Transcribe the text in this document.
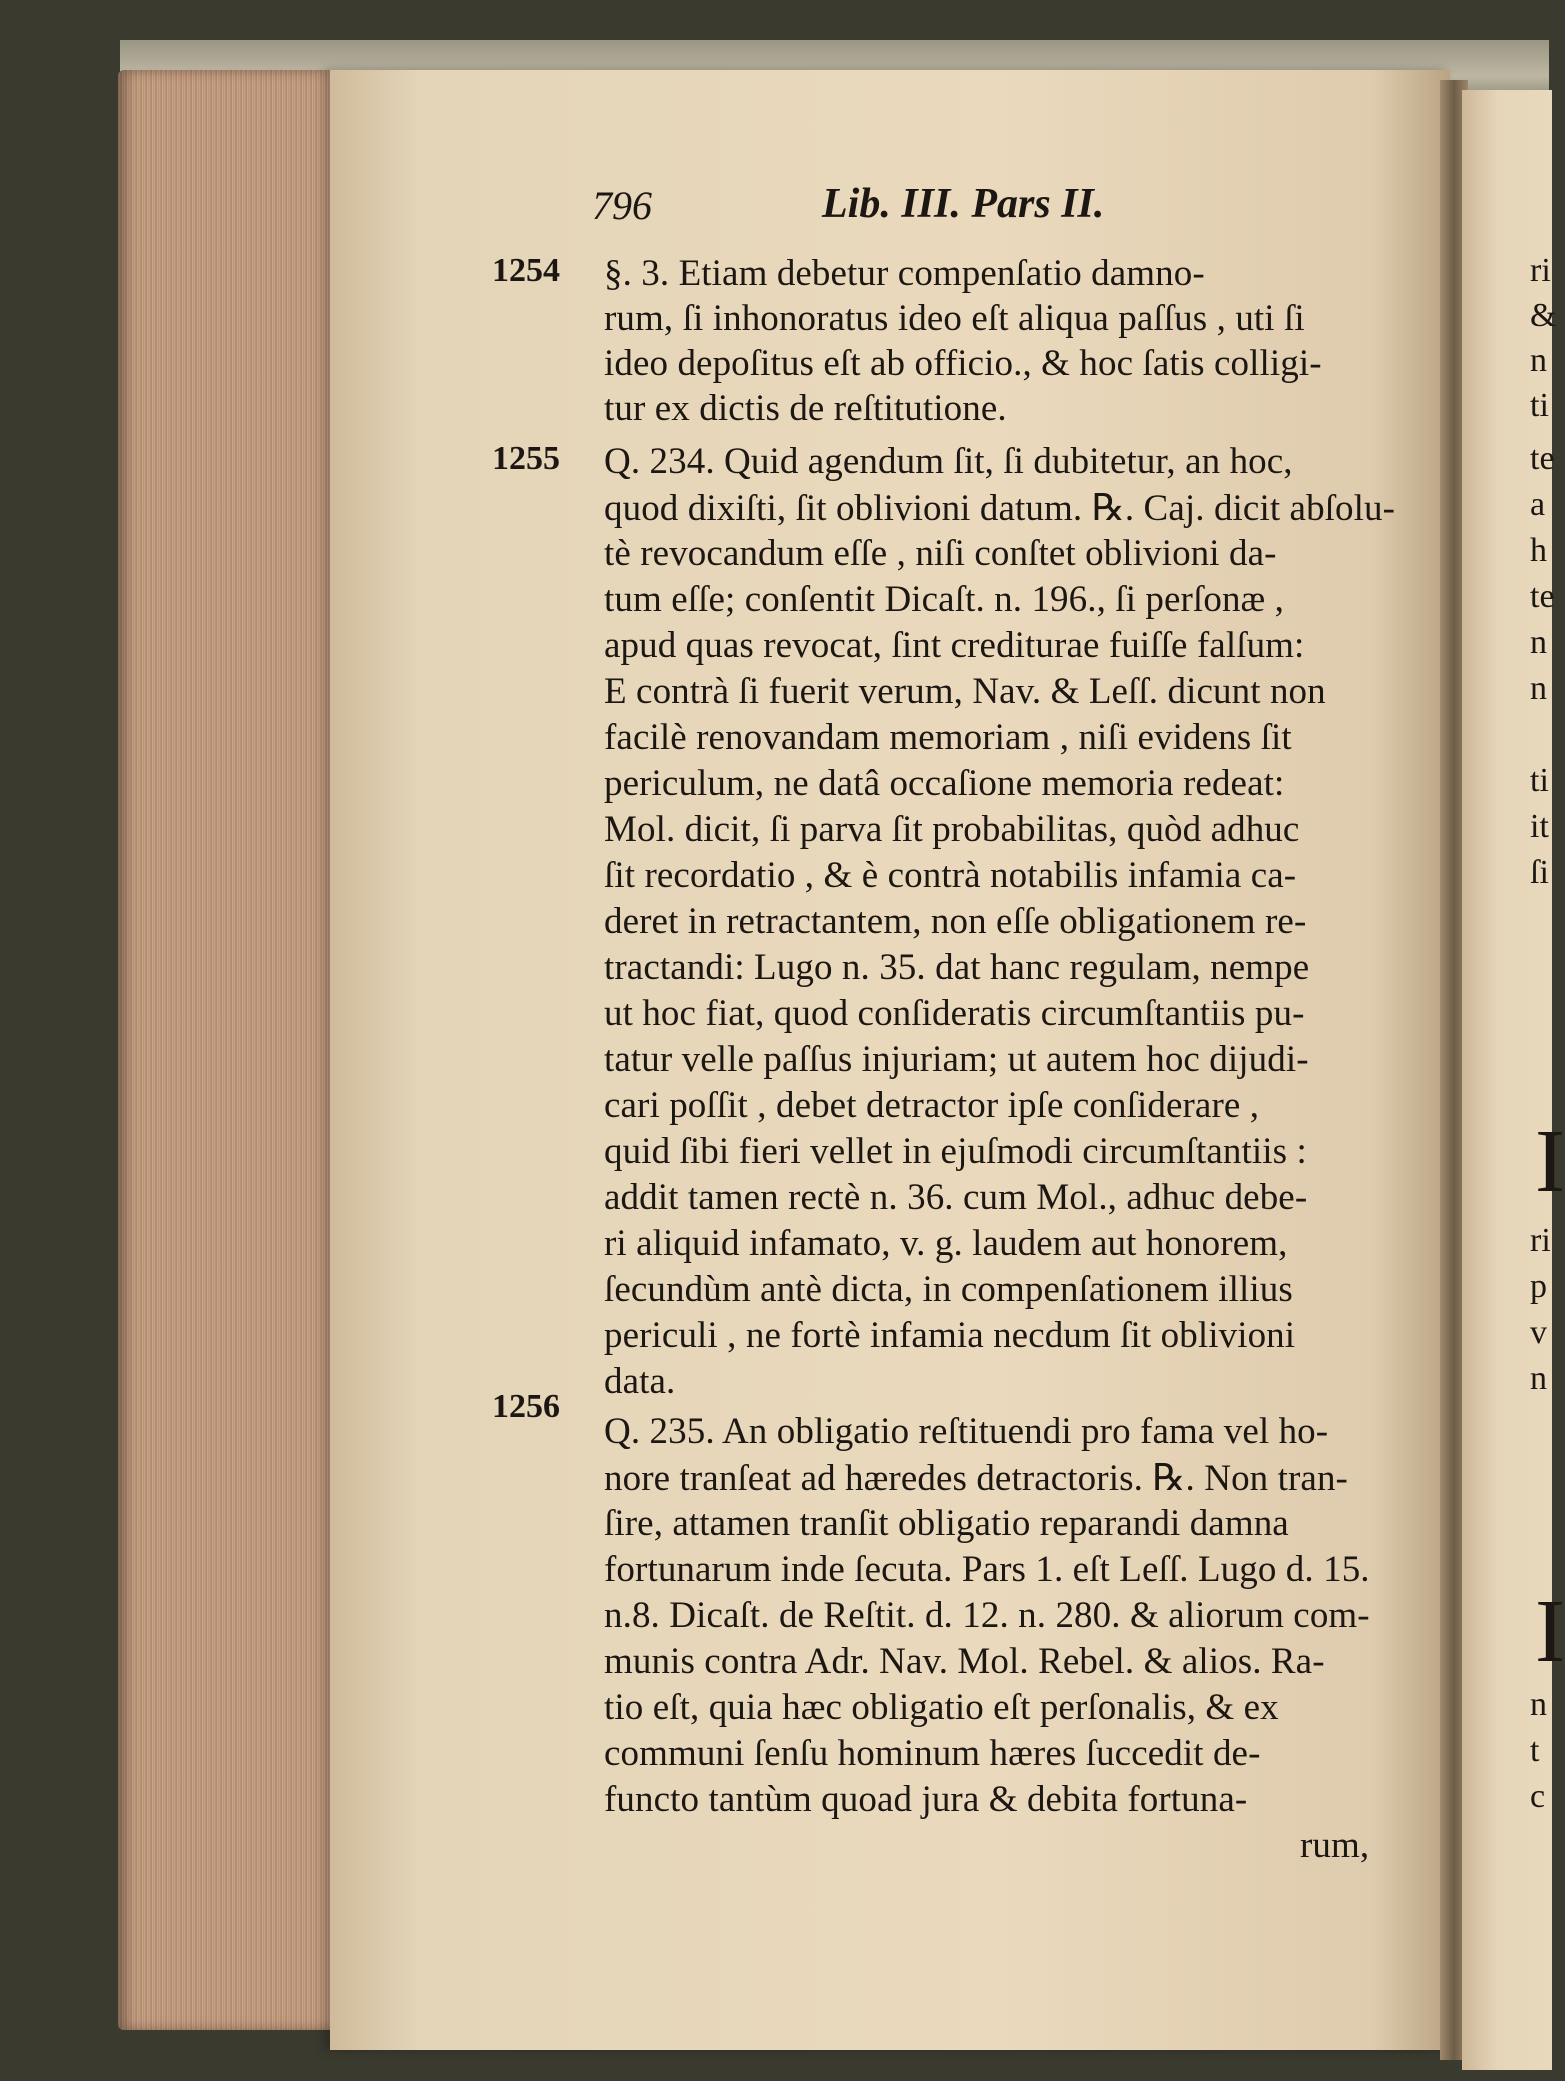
796	Lib. III. Pars II.
1254
1255
1256
§. 3. Etiam debetur compenſatio damno-
rum, ſi inhonoratus ideo eſt aliqua paſſus , uti ſi
ideo depoſitus eſt ab officio., & hoc ſatis colligi-
tur ex dictis de reſtitutione.
Q. 234. Quid agendum ſit, ſi dubitetur, an hoc,
quod dixiſti, ſit oblivioni datum. ℞. Caj. dicit abſolu-
tè revocandum eſſe , niſi conſtet oblivioni da-
tum eſſe; conſentit Dicaſt. n. 196., ſi perſonæ ,
apud quas revocat, ſint crediturae fuiſſe falſum:
E contrà ſi fuerit verum, Nav. & Leſſ. dicunt non
facilè renovandam memoriam , niſi evidens ſit
periculum, ne datâ occaſione memoria redeat:
Mol. dicit, ſi parva ſit probabilitas, quòd adhuc
ſit recordatio , & è contrà notabilis infamia ca-
deret in retractantem, non eſſe obligationem re-
tractandi: Lugo n. 35. dat hanc regulam, nempe
ut hoc fiat, quod conſideratis circumſtantiis pu-
tatur velle paſſus injuriam; ut autem hoc dijudi-
cari poſſit , debet detractor ipſe conſiderare ,
quid ſibi fieri vellet in ejuſmodi circumſtantiis :
addit tamen rectè n. 36. cum Mol., adhuc debe-
ri aliquid infamato, v. g. laudem aut honorem,
ſecundùm antè dicta, in compenſationem illius
periculi , ne fortè infamia necdum ſit oblivioni
data.
Q. 235. An obligatio reſtituendi pro fama vel ho-
nore tranſeat ad hæredes detractoris. ℞. Non tran-
ſire, attamen tranſit obligatio reparandi damna
fortunarum inde ſecuta. Pars 1. eſt Leſſ. Lugo d. 15.
n.8. Dicaſt. de Reſtit. d. 12. n. 280. & aliorum com-
munis contra Adr. Nav. Mol. Rebel. & alios. Ra-
tio eſt, quia hæc obligatio eſt perſonalis, & ex
communi ſenſu hominum hæres ſuccedit de-
functo tantùm quoad jura & debita fortuna-
rum,
ri
&
n
ti
te
a
h
te
n
n
ti
it
ſi
I
ri
p
v
n
I
n
t
c
